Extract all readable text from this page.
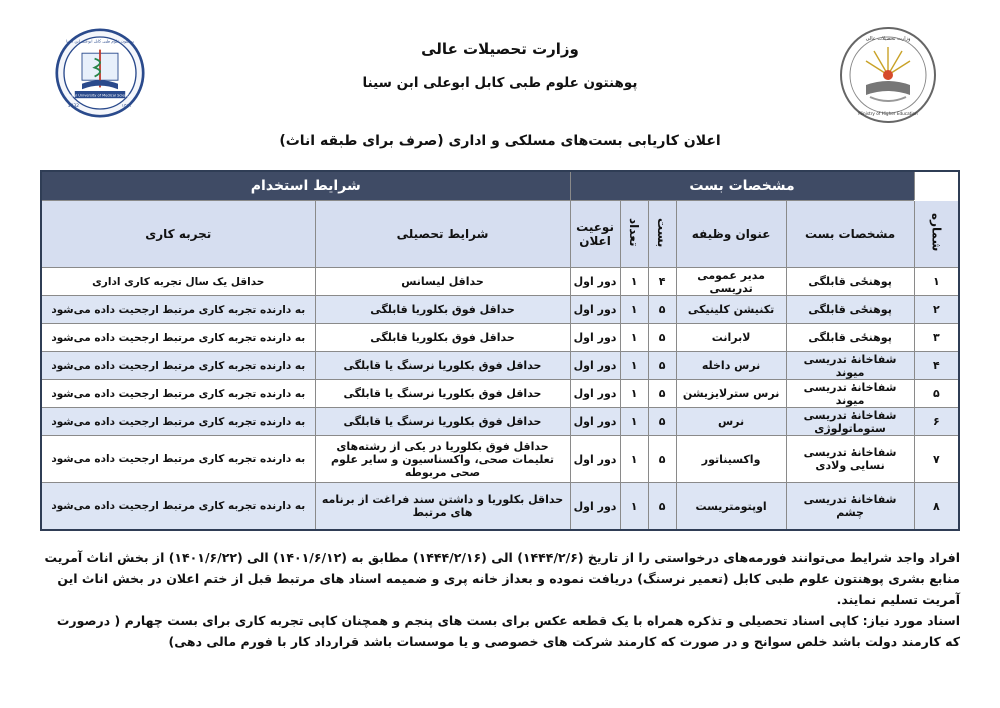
Kabul University of Medical Sciences
1932	۱۳۱۱
پوهنتون علوم طبی کابل ابوعلی ابن سینا	وزارت تحصیلات عالی
Ministry of Higher Education
وزارت تحصیلات عالی
پوهنتون علوم طبی کابل ابوعلی ابن سینا
اعلان کاریابی بست‌های مسلکی و اداری (صرف برای طبقه اناث)
	مشخصات بست					شرایط استخدام	
شماره	مشخصات بست	عنوان وظیفه	بست	تعداد	نوعیت اعلان	شرایط تحصیلی	تجربه کاری
۱	پوهنځی قابلگی	مدیر عمومی تدریسی	۴	۱	دور اول	حداقل لیسانس	حداقل یک سال تجربه کاری اداری
۲	پوهنځی قابلگی	تکنیشن کلینیکی	۵	۱	دور اول	حداقل فوق بکلوریا قابلگی	به دارنده تجربه کاری مرتبط ارجحیت داده می‌شود
۳	پوهنځی قابلگی	لابرانت	۵	۱	دور اول	حداقل فوق بکلوریا قابلگی	به دارنده تجربه کاری مرتبط ارجحیت داده می‌شود
۴	شفاخانهٔ تدریسی میوند	نرس داخله	۵	۱	دور اول	حداقل فوق بکلوریا نرسنگ یا قابلگی	به دارنده تجربه کاری مرتبط ارجحیت داده می‌شود
۵	شفاخانهٔ تدریسی میوند	نرس سترلایزیشن	۵	۱	دور اول	حداقل فوق بکلوریا نرسنگ یا قابلگی	به دارنده تجربه کاری مرتبط ارجحیت داده می‌شود
۶	شفاخانهٔ تدریسی ستوماتولوژی	نرس	۵	۱	دور اول	حداقل فوق بکلوریا نرسنگ یا قابلگی	به دارنده تجربه کاری مرتبط ارجحیت داده می‌شود
۷	شفاخانهٔ تدریسی نسایی ولادی	واکسیناتور	۵	۱	دور اول	حداقل فوق بکلوریا در یکی از رشته‌های تعلیمات صحی، واکسناسیون و سایر علوم صحی مربوطه	به دارنده تجربه کاری مرتبط ارجحیت داده می‌شود
۸	شفاخانهٔ تدریسی چشم	اوپتومتریست	۵	۱	دور اول	حداقل بکلوریا و داشتن سند فراغت از برنامه های مرتبط	به دارنده تجربه کاری مرتبط ارجحیت داده می‌شود
افراد واجد شرایط می‌توانند فورمه‌های درخواستی را از تاریخ (۱۴۴۴/۲/۶) الی (۱۴۴۴/۲/۱۶) مطابق به (۱۴۰۱/۶/۱۲) الی (۱۴۰۱/۶/۲۲) از بخش اناث آمریت منابع بشری پوهنتون علوم طبی کابل (تعمیر نرسنگ) دریافت نموده و بعداز خانه پری و ضمیمه اسناد های مرتبط قبل از ختم اعلان در بخش اناث این آمریت تسلیم نمایند.
اسناد مورد نیاز: کاپی اسناد تحصیلی و تذکره همراه با یک قطعه عکس برای بست های پنجم و همچنان کاپی تجربه کاری برای بست چهارم ( درصورت که کارمند دولت باشد خلص سوانح و در صورت که کارمند شرکت های خصوصی و یا موسسات باشد قرارداد کار با فورم مالی دهی)
